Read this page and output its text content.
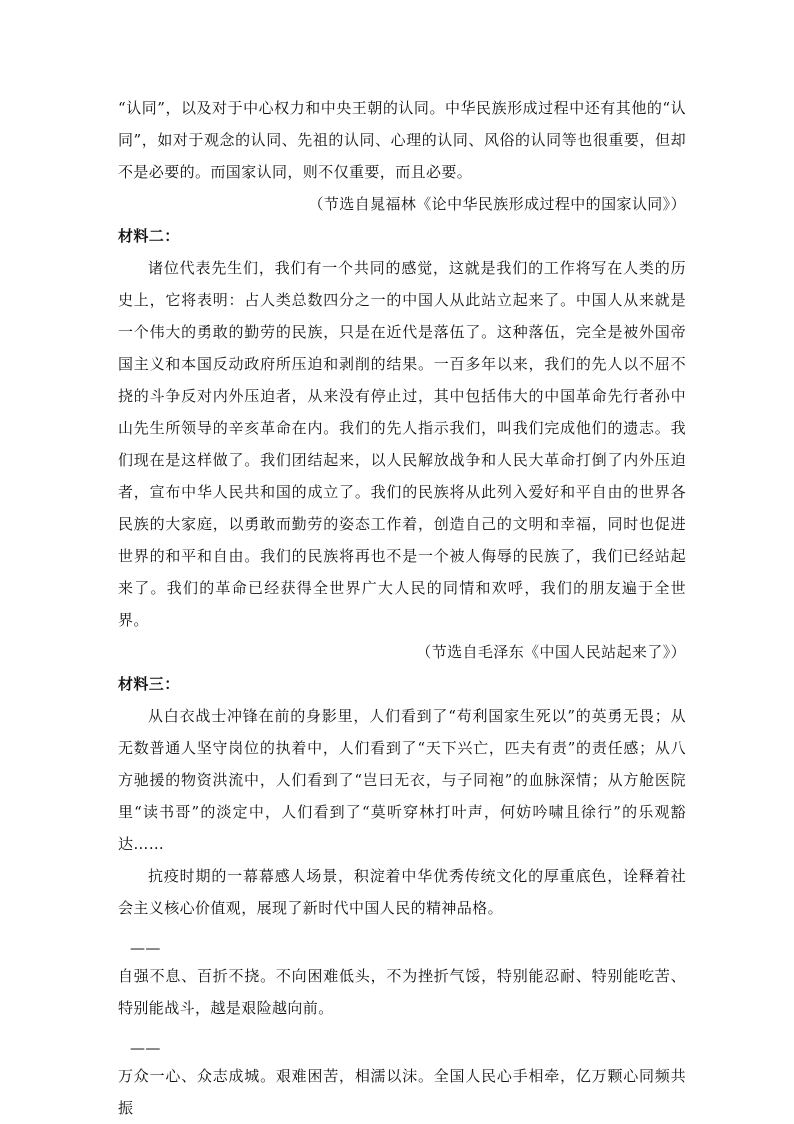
“认同”，以及对于中心权力和中央王朝的认同。中华民族形成过程中还有其他的“认同”，如对于观念的认同、先祖的认同、心理的认同、风俗的认同等也很重要，但却不是必要的。而国家认同，则不仅重要，而且必要。

（节选自晁福林《论中华民族形成过程中的国家认同》）

材料二：

诸位代表先生们，我们有一个共同的感觉，这就是我们的工作将写在人类的历史上，它将表明：占人类总数四分之一的中国人从此站立起来了。中国人从来就是一个伟大的勇敢的勤劳的民族，只是在近代是落伍了。这种落伍，完全是被外国帝国主义和本国反动政府所压迫和剥削的结果。一百多年以来，我们的先人以不屈不挠的斗争反对内外压迫者，从来没有停止过，其中包括伟大的中国革命先行者孙中山先生所领导的辛亥革命在内。我们的先人指示我们，叫我们完成他们的遗志。我们现在是这样做了。我们团结起来，以人民解放战争和人民大革命打倒了内外压迫者，宣布中华人民共和国的成立了。我们的民族将从此列入爱好和平自由的世界各民族的大家庭，以勇敢而勤劳的姿态工作着，创造自己的文明和幸福，同时也促进世界的和平和自由。我们的民族将再也不是一个被人侮辱的民族了，我们已经站起来了。我们的革命已经获得全世界广大人民的同情和欢呼，我们的朋友遍于全世界。

（节选自毛泽东《中国人民站起来了》）

材料三：

从白衣战士冲锋在前的身影里，人们看到了“苟利国家生死以”的英勇无畏；从无数普通人坚守岗位的执着中，人们看到了“天下兴亡，匹夫有责”的责任感；从八方驰援的物资洪流中，人们看到了“岂曰无衣，与子同袍”的血脉深情；从方舱医院里“读书哥”的淡定中，人们看到了“莫听穿林打叶声，何妨吟啸且徐行”的乐观豁达……

抗疫时期的一幕幕感人场景，积淀着中华优秀传统文化的厚重底色，诠释着社会主义核心价值观，展现了新时代中国人民的精神品格。

——

自强不息、百折不挠。不向困难低头，不为挫折气馁，特别能忍耐、特别能吃苦、特别能战斗，越是艰险越向前。

——

万众一心、众志成城。艰难困苦，相濡以沫。全国人民心手相牵，亿万颗心同频共振
